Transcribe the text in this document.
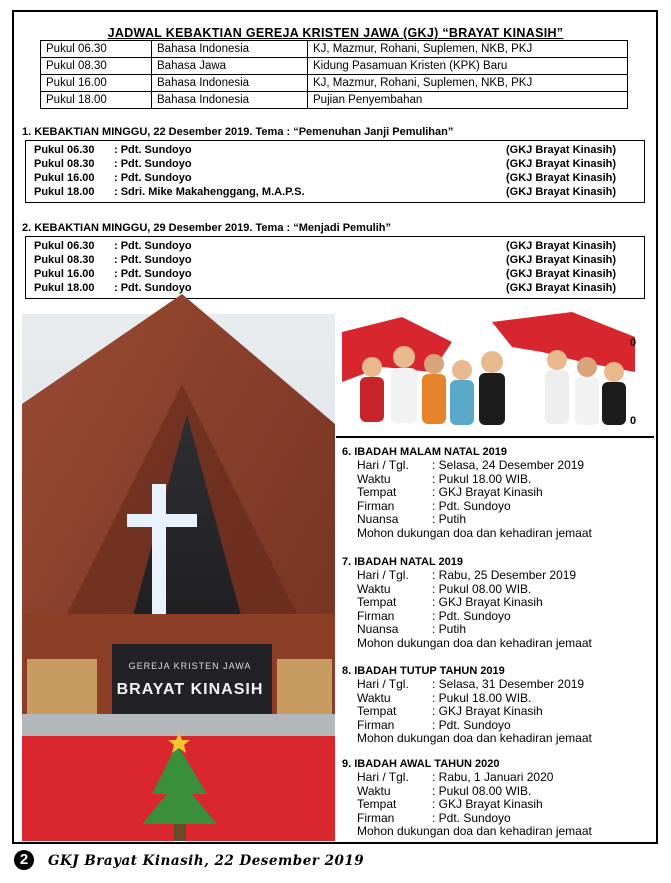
JADWAL KEBAKTIAN GEREJA KRISTEN JAWA (GKJ) “BRAYAT KINASIH”
Pukul 06.30	Bahasa Indonesia	KJ, Mazmur, Rohani, Suplemen, NKB, PKJ
Pukul 08.30	Bahasa Jawa	Kidung Pasamuan Kristen (KPK) Baru
Pukul 16.00	Bahasa Indonesia	KJ, Mazmur, Rohani, Suplemen, NKB, PKJ
Pukul 18.00	Bahasa Indonesia	Pujian Penyembahan
1. KEBAKTIAN MINGGU, 22 Desember 2019. Tema : “Pemenuhan Janji Pemulihan”
Pukul 06.30 : Pdt. Sundoyo	(GKJ Brayat Kinasih)
Pukul 08.30 : Pdt. Sundoyo	(GKJ Brayat Kinasih)
Pukul 16.00 : Pdt. Sundoyo	(GKJ Brayat Kinasih)
Pukul 18.00 : Sdri. Mike Makahenggang, M.A.P.S.	(GKJ Brayat Kinasih)
2. KEBAKTIAN MINGGU, 29 Desember 2019. Tema : “Menjadi Pemulih”
Pukul 06.30 : Pdt. Sundoyo	(GKJ Brayat Kinasih)
Pukul 08.30 : Pdt. Sundoyo	(GKJ Brayat Kinasih)
Pukul 16.00 : Pdt. Sundoyo	(GKJ Brayat Kinasih)
Pukul 18.00 : Pdt. Sundoyo	(GKJ Brayat Kinasih)
GEREJA KRISTEN JAWA
BRAYAT KINASIH
0
0
6. IBADAH MALAM NATAL 2019
Hari / Tgl. : Selasa, 24 Desember 2019
Waktu	: Pukul 18.00 WIB.
Tempat	: GKJ Brayat Kinasih
Firman	: Pdt. Sundoyo
Nuansa	: Putih
Mohon dukungan doa dan kehadiran jemaat
7. IBADAH NATAL 2019
Hari / Tgl. : Rabu, 25 Desember 2019
Waktu	: Pukul 08.00 WIB.
Tempat	: GKJ Brayat Kinasih
Firman	: Pdt. Sundoyo
Nuansa	: Putih
Mohon dukungan doa dan kehadiran jemaat
8. IBADAH TUTUP TAHUN 2019
Hari / Tgl. : Selasa, 31 Desember 2019
Waktu	: Pukul 18.00 WIB.
Tempat	: GKJ Brayat Kinasih
Firman	: Pdt. Sundoyo
Mohon dukungan doa dan kehadiran jemaat
9. IBADAH AWAL TAHUN 2020
Hari / Tgl. : Rabu, 1 Januari 2020
Waktu	: Pukul 08.00 WIB.
Tempat	: GKJ Brayat Kinasih
Firman	: Pdt. Sundoyo
Mohon dukungan doa dan kehadiran jemaat
2	GKJ Brayat Kinasih, 22 Desember 2019
